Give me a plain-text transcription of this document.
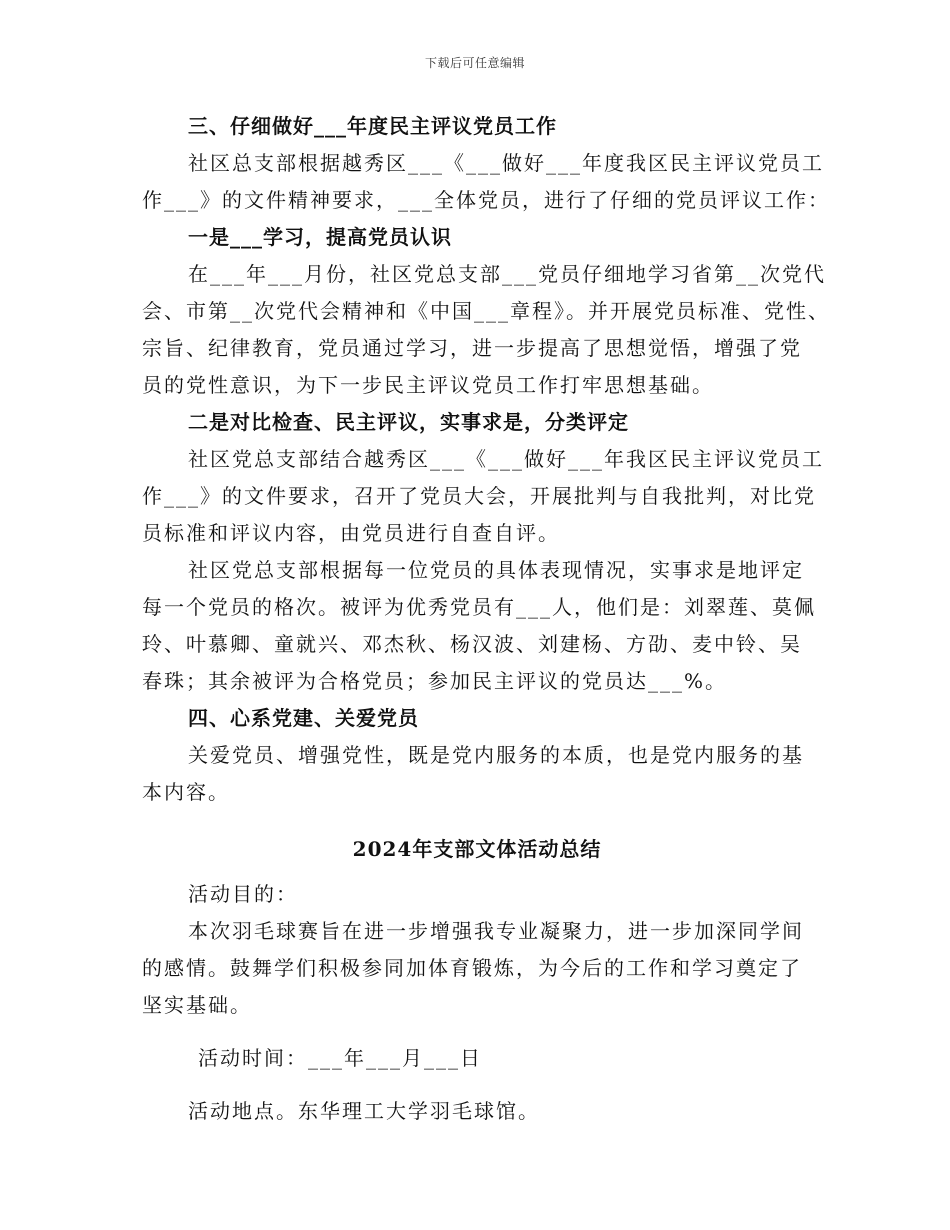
下载后可任意编辑
三、仔细做好___年度民主评议党员工作
社区总支部根据越秀区___《___做好___年度我区民主评议党员工
作___》的文件精神要求，___全体党员，进行了仔细的党员评议工作：
一是___学习，提高党员认识
在___年___月份，社区党总支部___党员仔细地学习省第__次党代
会、市第__次党代会精神和《中国___章程》。并开展党员标准、党性、
宗旨、纪律教育，党员通过学习，进一步提高了思想觉悟，增强了党
员的党性意识，为下一步民主评议党员工作打牢思想基础。
二是对比检查、民主评议，实事求是，分类评定
社区党总支部结合越秀区___《___做好___年我区民主评议党员工
作___》的文件要求，召开了党员大会，开展批判与自我批判，对比党
员标准和评议内容，由党员进行自查自评。
社区党总支部根据每一位党员的具体表现情况，实事求是地评定
每一个党员的格次。被评为优秀党员有___人，他们是：刘翠莲、莫佩
玲、叶慕卿、童就兴、邓杰秋、杨汉波、刘建杨、方劭、麦中铃、吴
春珠；其余被评为合格党员；参加民主评议的党员达___%。
四、心系党建、关爱党员
关爱党员、增强党性，既是党内服务的本质，也是党内服务的基
本内容。
2024年支部文体活动总结
活动目的：
本次羽毛球赛旨在进一步增强我专业凝聚力，进一步加深同学间
的感情。鼓舞学们积极参同加体育锻炼，为今后的工作和学习奠定了
坚实基础。
活动时间：___年___月___日
活动地点。东华理工大学羽毛球馆。
